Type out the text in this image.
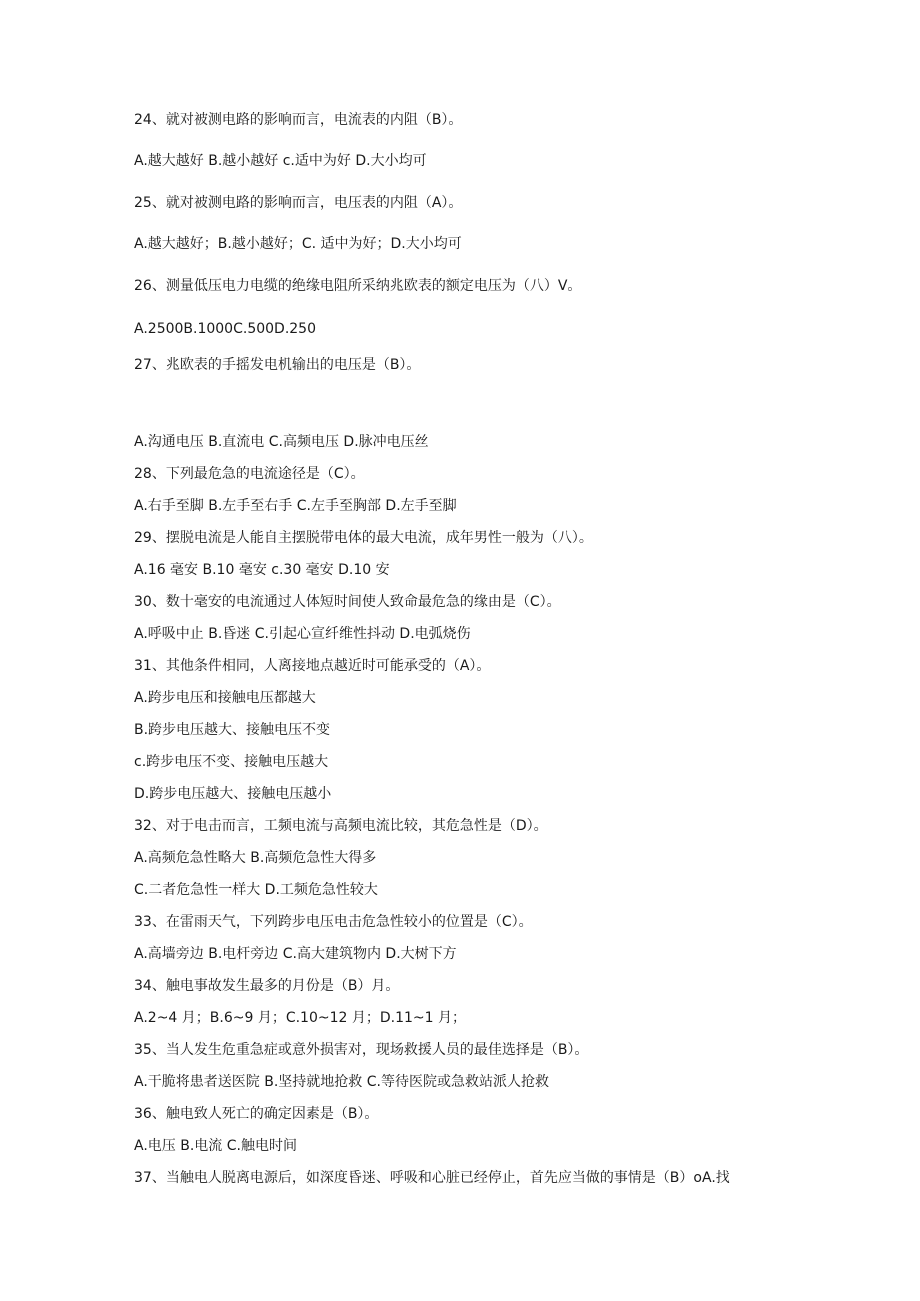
24、就对被测电路的影响而言，电流表的内阻（B）。
A.越大越好 B.越小越好 c.适中为好 D.大小均可
25、就对被测电路的影响而言，电压表的内阻（A）。
A.越大越好；B.越小越好；C. 适中为好；D.大小均可
26、测量低压电力电缆的绝缘电阻所采纳兆欧表的额定电压为（八）V。
A.2500B.1000C.500D.250
27、兆欧表的手摇发电机输出的电压是（B）。
A.沟通电压 B.直流电 C.高频电压 D.脉冲电压丝
28、下列最危急的电流途径是（C）。
A.右手至脚 B.左手至右手 C.左手至胸部 D.左手至脚
29、摆脱电流是人能自主摆脱带电体的最大电流，成年男性一般为（八）。
A.16 毫安 B.10 毫安 c.30 毫安 D.10 安
30、数十毫安的电流通过人体短时间使人致命最危急的缘由是（C）。
A.呼吸中止 B.昏迷 C.引起心宣纤维性抖动 D.电弧烧伤
31、其他条件相同，人离接地点越近时可能承受的（A）。
A.跨步电压和接触电压都越大
B.跨步电压越大、接触电压不变
c.跨步电压不变、接触电压越大
D.跨步电压越大、接触电压越小
32、对于电击而言，工频电流与高频电流比较，其危急性是（D）。
A.高频危急性略大 B.高频危急性大得多
C.二者危急性一样大 D.工频危急性较大
33、在雷雨天气，下列跨步电压电击危急性较小的位置是（C）。
A.高墙旁边 B.电杆旁边 C.高大建筑物内 D.大树下方
34、触电事故发生最多的月份是（B）月。
A.2~4 月；B.6~9 月；C.10~12 月；D.11~1 月；
35、当人发生危重急症或意外损害对，现场救援人员的最佳选择是（B）。
A.干脆将患者送医院 B.坚持就地抢救 C.等待医院或急救站派人抢救
36、触电致人死亡的确定因素是（B）。
A.电压 B.电流 C.触电时间
37、当触电人脱离电源后，如深度昏迷、呼吸和心脏已经停止，首先应当做的事情是（B）oA.找
